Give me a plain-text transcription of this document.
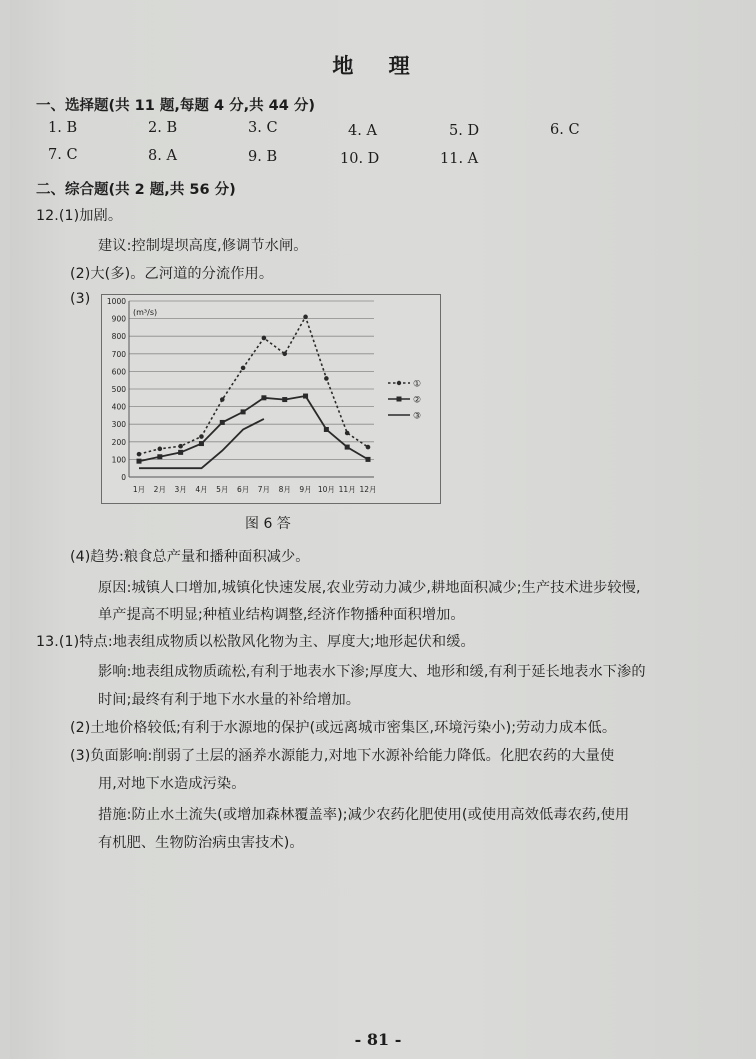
地 理
一、选择题(共 11 题,每题 4 分,共 44 分)
1. B	2. B	3. C	4. A	5. D	6. C
7. C	8. A	9. B	10. D	11. A
二、综合题(共 2 题,共 56 分)
12.(1)加剧。
建议:控制堤坝高度,修调节水闸。
(2)大(多)。乙河道的分流作用。
(3)
0
100
200
300
400
500
600
700
800
900
1000
(m³/s)
1月 2月 3月 4月 5月 6月 7月 8月 9月 10月 11月 12月
①
②
③
图 6 答
(4)趋势:粮食总产量和播种面积减少。
原因:城镇人口增加,城镇化快速发展,农业劳动力减少,耕地面积减少;生产技术进步较慢,
单产提高不明显;种植业结构调整,经济作物播种面积增加。
13.(1)特点:地表组成物质以松散风化物为主、厚度大;地形起伏和缓。
影响:地表组成物质疏松,有利于地表水下渗;厚度大、地形和缓,有利于延长地表水下渗的
时间;最终有利于地下水水量的补给增加。
(2)土地价格较低;有利于水源地的保护(或远离城市密集区,环境污染小);劳动力成本低。
(3)负面影响:削弱了土层的涵养水源能力,对地下水源补给能力降低。化肥农药的大量使
用,对地下水造成污染。
措施:防止水土流失(或增加森林覆盖率);减少农药化肥使用(或使用高效低毒农药,使用
有机肥、生物防治病虫害技术)。
- 81 -
